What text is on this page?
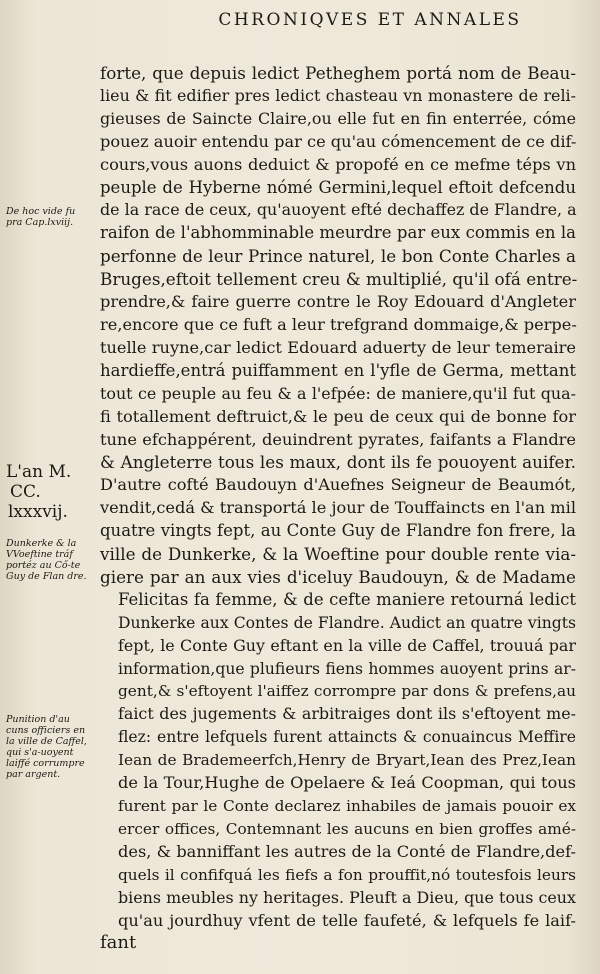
CHRONIQVES ET ANNALES
De hoc vide fu pra Cap.lxviij.
L'an M.
CC.
lxxxvij.
Dunkerke & la VVoeftine tráf portéz au Cő-te Guy de Flan dre.
Punition d'au cuns officiers en la ville de Caffel, qui s'a-uoyent laiffé corrumpre par argent.
forte, que depuis ledict Petheghem portá nom de Beau-
lieu & fit edifier pres ledict chasteau vn monastere de reli-
gieuses de Saincte Claire,ou elle fut en fin enterrée, cóme
pouez auoir entendu par ce qu'au cómencement de ce dif-
cours,vous auons deduict & propofé en ce mefme téps vn
peuple de Hyberne nómé Germini,lequel eftoit defcendu
de la race de ceux, qu'auoyent efté dechaffez de Flandre, a
raifon de l'abhomminable meurdre par eux commis en la
perfonne de leur Prince naturel, le bon Conte Charles a
Bruges,eftoit tellement creu & multiplié, qu'il ofá entre-
prendre,& faire guerre contre le Roy Edouard d'Angleter
re,encore que ce fuft a leur trefgrand dommaige,& perpe-
tuelle ruyne,car ledict Edouard aduerty de leur temeraire
hardieffe,entrá puiffamment en l'yfle de Germa, mettant
tout ce peuple au feu & a l'efpée: de maniere,qu'il fut qua-
fi totallement deftruict,& le peu de ceux qui de bonne for
tune efchappérent, deuindrent pyrates, faifants a Flandre
& Angleterre tous les maux, dont ils fe pouoyent auifer.
D'autre cofté Baudouyn d'Auefnes Seigneur de Beaumót,
vendit,cedá & transportá le jour de Touffaincts en l'an mil
quatre vingts fept, au Conte Guy de Flandre fon frere, la
ville de Dunkerke, & la Woeftine pour double rente via-
giere par an aux vies d'iceluy Baudouyn, & de Madame
Felicitas fa femme, & de cefte maniere retourná ledict
Dunkerke aux Contes de Flandre. Audict an quatre vingts
fept, le Conte Guy eftant en la ville de Caffel, trouuá par
information,que plufieurs fiens hommes auoyent prins ar-
gent,& s'eftoyent l'aiffez corrompre par dons & prefens,au
faict des jugements & arbitraiges dont ils s'eftoyent me-
flez: entre lefquels furent attaincts & conuaincus Meffire
Iean de Brademeerfch,Henry de Bryart,Iean des Prez,Iean
de la Tour,Hughe de Opelaere & Ieá Coopman, qui tous
furent par le Conte declarez inhabiles de jamais pouoir ex
ercer offices, Contemnant les aucuns en bien groffes amé-
des, & banniffant les autres de la Conté de Flandre,def-
quels il confifquá les fiefs a fon prouffit,nó toutesfois leurs
biens meubles ny heritages. Pleuft a Dieu, que tous ceux
qu'au jourdhuy vfent de telle faufeté, & lefquels fe laif-
fant
